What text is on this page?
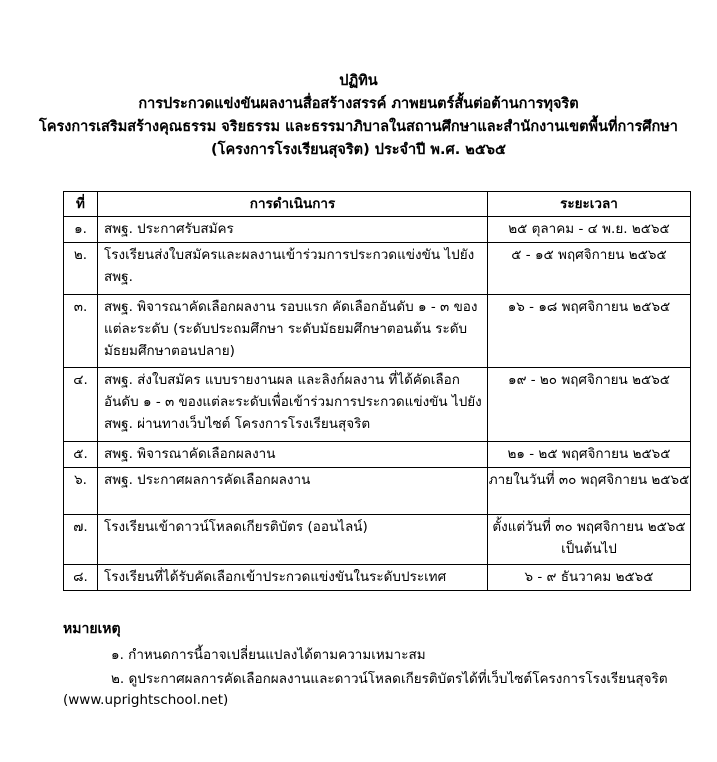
ปฏิทิน
การประกวดแข่งขันผลงานสื่อสร้างสรรค์ ภาพยนตร์สั้นต่อต้านการทุจริต
โครงการเสริมสร้างคุณธรรม จริยธรรม และธรรมาภิบาลในสถานศึกษาและสำนักงานเขตพื้นที่การศึกษา
(โครงการโรงเรียนสุจริต) ประจำปี พ.ศ. ๒๕๖๕
ที่	การดำเนินการ	ระยะเวลา
๑.	สพฐ. ประกาศรับสมัคร	๒๕ ตุลาคม - ๔ พ.ย. ๒๕๖๕
๒.	โรงเรียนส่งใบสมัครและผลงานเข้าร่วมการประกวดแข่งขัน ไปยัง สพฐ.	๕ - ๑๕ พฤศจิกายน ๒๕๖๕
๓.	สพฐ. พิจารณาคัดเลือกผลงาน รอบแรก คัดเลือกอันดับ ๑ - ๓ ของแต่ละระดับ (ระดับประถมศึกษา ระดับมัธยมศึกษาตอนต้น ระดับมัธยมศึกษาตอนปลาย)	๑๖ - ๑๘ พฤศจิกายน ๒๕๖๕
๔.	สพฐ. ส่งใบสมัคร แบบรายงานผล และลิงก์ผลงาน ที่ได้คัดเลือก อันดับ ๑ - ๓ ของแต่ละระดับเพื่อเข้าร่วมการประกวดแข่งขัน ไปยัง สพฐ. ผ่านทางเว็บไซต์ โครงการโรงเรียนสุจริต	๑๙ - ๒๐ พฤศจิกายน ๒๕๖๕
๕.	สพฐ. พิจารณาคัดเลือกผลงาน	๒๑ - ๒๕ พฤศจิกายน ๒๕๖๕
๖.	สพฐ. ประกาศผลการคัดเลือกผลงาน	ภายในวันที่ ๓๐ พฤศจิกายน ๒๕๖๕
๗.	โรงเรียนเข้าดาวน์โหลดเกียรติบัตร (ออนไลน์)	ตั้งแต่วันที่ ๓๐ พฤศจิกายน ๒๕๖๕ เป็นต้นไป
๘.	โรงเรียนที่ได้รับคัดเลือกเข้าประกวดแข่งขันในระดับประเทศ	๖ - ๙ ธันวาคม ๒๕๖๕
หมายเหตุ
๑. กำหนดการนี้อาจเปลี่ยนแปลงได้ตามความเหมาะสม
๒. ดูประกาศผลการคัดเลือกผลงานและดาวน์โหลดเกียรติบัตรได้ที่เว็บไซต์โครงการโรงเรียนสุจริต
(www.uprightschool.net)
